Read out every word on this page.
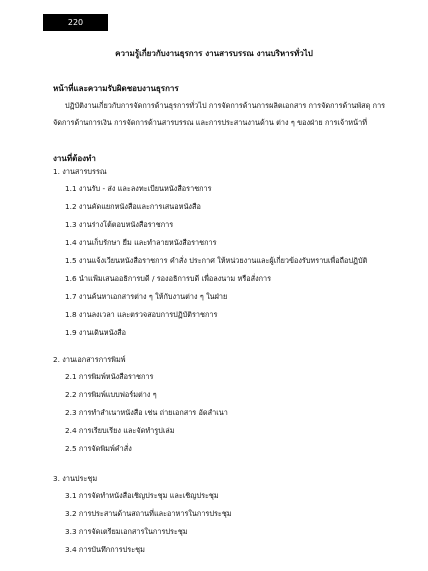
220
ความรู้เกี่ยวกับงานธุรการ งานสารบรรณ งานบริหารทั่วไป
หน้าที่และความรับผิดชอบงานธุรการ
ปฏิบัติงานเกี่ยวกับการจัดการด้านธุรการทั่วไป การจัดการด้านการผลิตเอกสาร การจัดการด้านพัสดุ การจัดการด้านการเงิน การจัดการด้านสารบรรณ และการประสานงานด้าน ต่าง ๆ ของฝ่าย การเจ้าหน้าที่
งานที่ต้องทำ
1. งานสารบรรณ
1.1 งานรับ - ส่ง และลงทะเบียนหนังสือราชการ
1.2 งานคัดแยกหนังสือและการเสนอหนังสือ
1.3 งานร่างโต้ตอบหนังสือราชการ
1.4 งานเก็บรักษา ยืม และทำลายหนังสือราชการ
1.5 งานแจ้งเวียนหนังสือราชการ คำสั่ง ประกาศ ให้หน่วยงานและผู้เกี่ยวข้องรับทราบเพื่อถือปฏิบัติ
1.6 นำแฟ้มเสนออธิการบดี / รองอธิการบดี เพื่อลงนาม หรือสั่งการ
1.7 งานค้นหาเอกสารต่าง ๆ ให้กับงานต่าง ๆ ในฝ่าย
1.8 งานลงเวลา และตรวจสอบการปฏิบัติราชการ
1.9 งานเดินหนังสือ
2. งานเอกสารการพิมพ์
2.1 การพิมพ์หนังสือราชการ
2.2 การพิมพ์แบบฟอร์มต่าง ๆ
2.3 การทำสำเนาหนังสือ เช่น ถ่ายเอกสาร อัดสำเนา
2.4 การเรียบเรียง และจัดทำรูปเล่ม
2.5 การจัดพิมพ์คำสั่ง
3. งานประชุม
3.1 การจัดทำหนังสือเชิญประชุม และเชิญประชุม
3.2 การประสานด้านสถานที่และอาหารในการประชุม
3.3 การจัดเตรียมเอกสารในการประชุม
3.4 การบันทึกการประชุม
